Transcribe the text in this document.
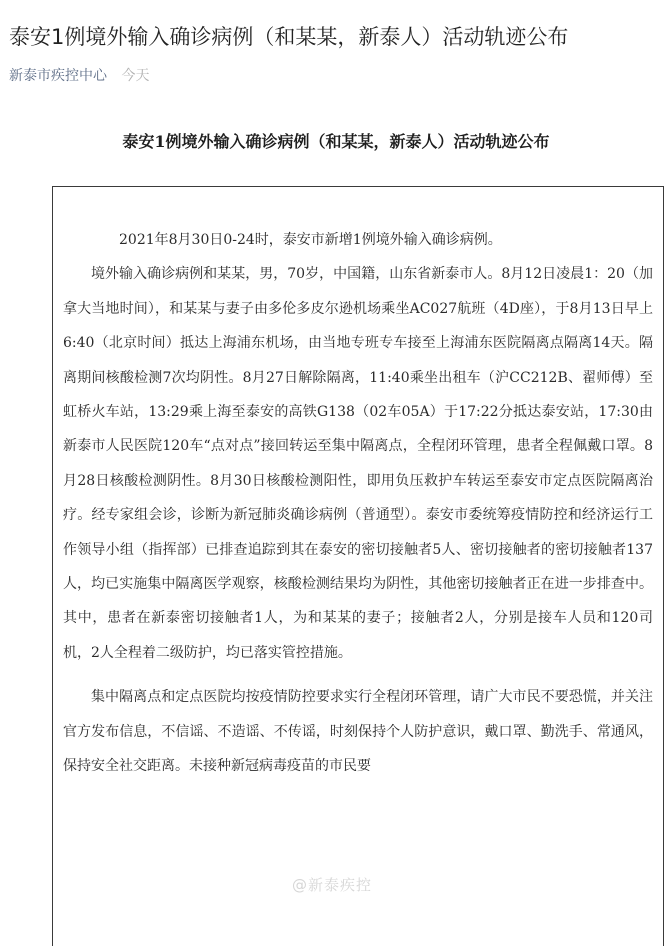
泰安1例境外输入确诊病例（和某某，新泰人）活动轨迹公布
新泰市疾控中心 今天
泰安1例境外输入确诊病例（和某某，新泰人）活动轨迹公布

2021年8月30日0-24时，泰安市新增1例境外输入确诊病例。

境外输入确诊病例和某某，男，70岁，中国籍，山东省新泰市人。8月12日凌晨1：20（加拿大当地时间），和某某与妻子由多伦多皮尔逊机场乘坐AC027航班（4D座），于8月13日早上6:40（北京时间）抵达上海浦东机场，由当地专班专车接至上海浦东医院隔离点隔离14天。隔离期间核酸检测7次均阴性。8月27日解除隔离，11:40乘坐出租车（沪CC212B、翟师傅）至虹桥火车站，13:29乘上海至泰安的高铁G138（02车05A）于17:22分抵达泰安站，17:30由新泰市人民医院120车“点对点”接回转运至集中隔离点，全程闭环管理，患者全程佩戴口罩。8月28日核酸检测阴性。8月30日核酸检测阳性，即用负压救护车转运至泰安市定点医院隔离治疗。经专家组会诊，诊断为新冠肺炎确诊病例（普通型）。泰安市委统筹疫情防控和经济运行工作领导小组（指挥部）已排查追踪到其在泰安的密切接触者5人、密切接触者的密切接触者137人，均已实施集中隔离医学观察，核酸检测结果均为阴性，其他密切接触者正在进一步排查中。其中，患者在新泰密切接触者1人，为和某某的妻子；接触者2人，分别是接车人员和120司机，2人全程着二级防护，均已落实管控措施。

集中隔离点和定点医院均按疫情防控要求实行全程闭环管理，请广大市民不要恐慌，并关注官方发布信息，不信谣、不造谣、不传谣，时刻保持个人防护意识，戴口罩、勤洗手、常通风，保持安全社交距离。未接种新冠病毒疫苗的市民要

@新泰疾控
